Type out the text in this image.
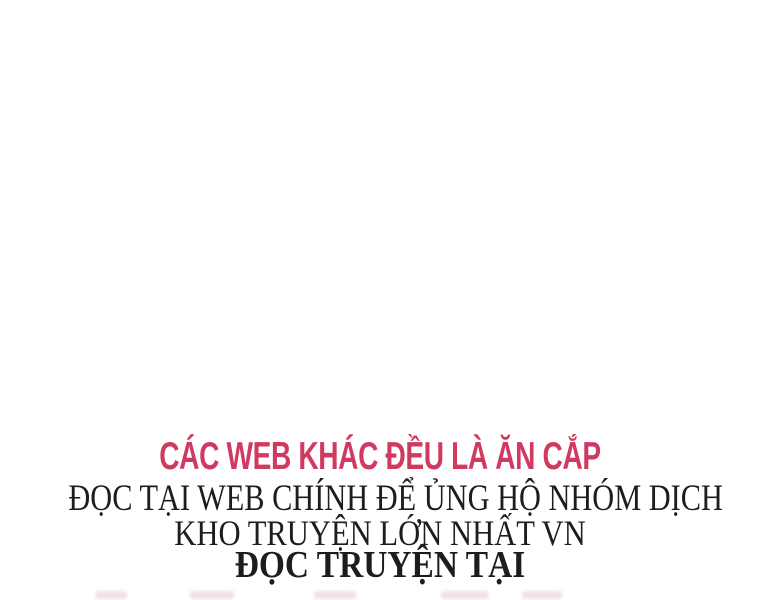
CÁC WEB KHÁC ĐỀU LÀ ĂN CẮP
ĐỌC TẠI WEB CHÍNH ĐỂ ỦNG HỘ NHÓM DỊCH
KHO TRUYỆN LỚN NHẤT VN
ĐỌC TRUYỆN TẠI
